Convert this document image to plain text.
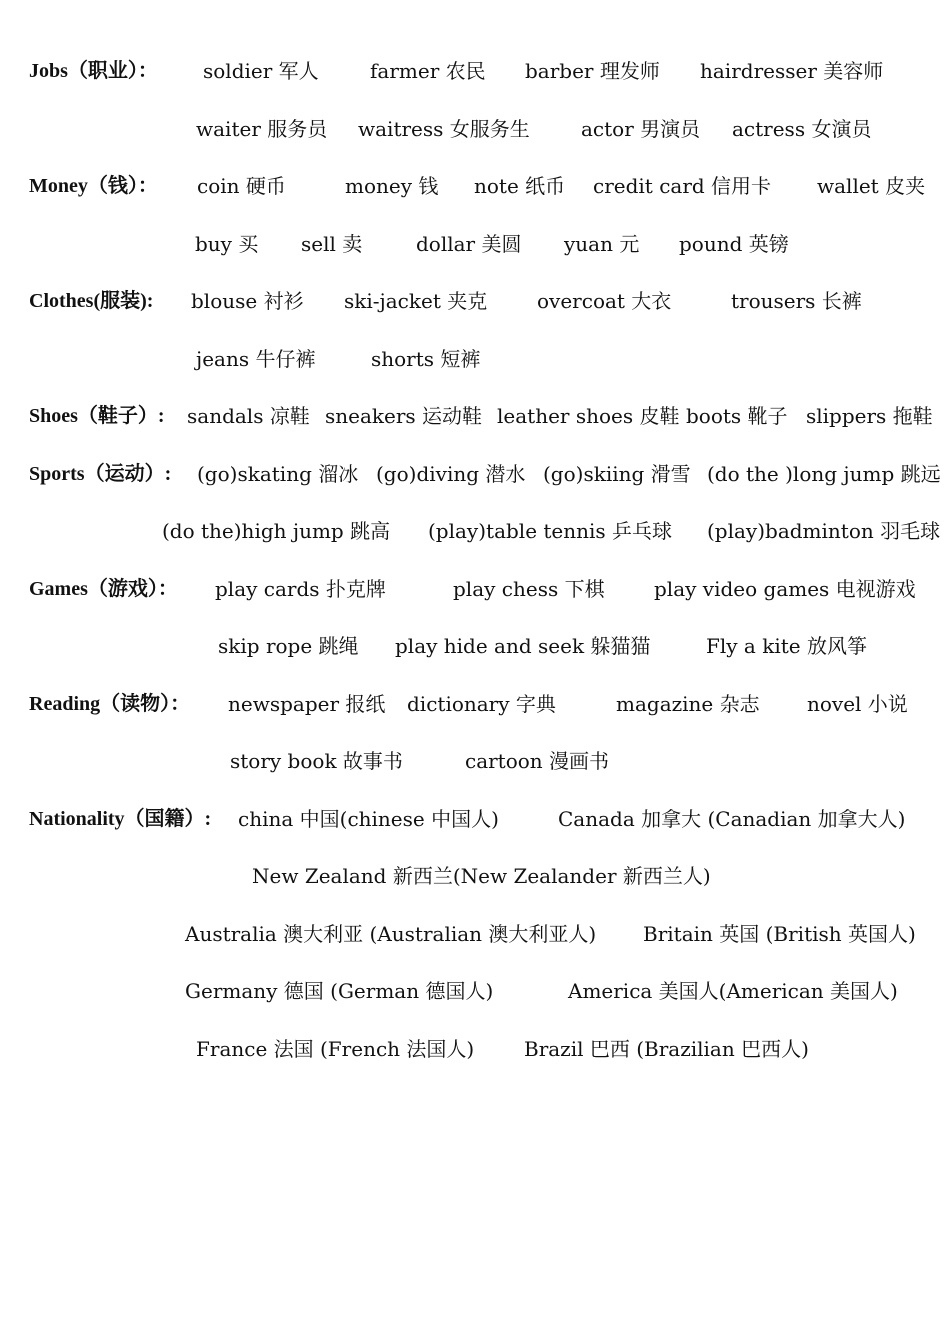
Jobs（职业）： soldier 军人	farmer 农民 barber 理发师 hairdresser 美容师
waiter 服务员 waitress 女服务生	actor 男演员 actress 女演员
Money（钱）： coin 硬币	money 钱 note 纸币 credit card 信用卡 wallet 皮夹
buy 买 sell 卖	dollar 美圆 yuan 元 pound 英镑
Clothes(服装): blouse 衬衫 ski-jacket 夹克 overcoat 大衣	trousers 长裤
jeans 牛仔裤	shorts 短裤
Shoes（鞋子）: sandals 凉鞋 sneakers 运动鞋 leather shoes 皮鞋 boots 靴子 slippers 拖鞋
Sports（运动）: (go)skating 溜冰 (go)diving 潜水 (go)skiing 滑雪 (do the )long jump 跳远
(do the)high jump 跳高 (play)table tennis 乒乓球 (play)badminton 羽毛球
Games（游戏）： play cards 扑克牌	play chess 下棋 play video games 电视游戏
skip rope 跳绳 play hide and seek 躲猫猫	Fly a kite 放风筝
Reading（读物）： newspaper 报纸 dictionary 字典	magazine 杂志 novel 小说
story book 故事书	cartoon 漫画书
Nationality（国籍）: china 中国(chinese 中国人)	Canada 加拿大 (Canadian 加拿大人)
New Zealand 新西兰(New Zealander 新西兰人)
Australia 澳大利亚 (Australian 澳大利亚人) Britain 英国 (British 英国人)
Germany 德国 (German 德国人)	America 美国人(American 美国人)
France 法国 (French 法国人) Brazil 巴西 (Brazilian 巴西人)
